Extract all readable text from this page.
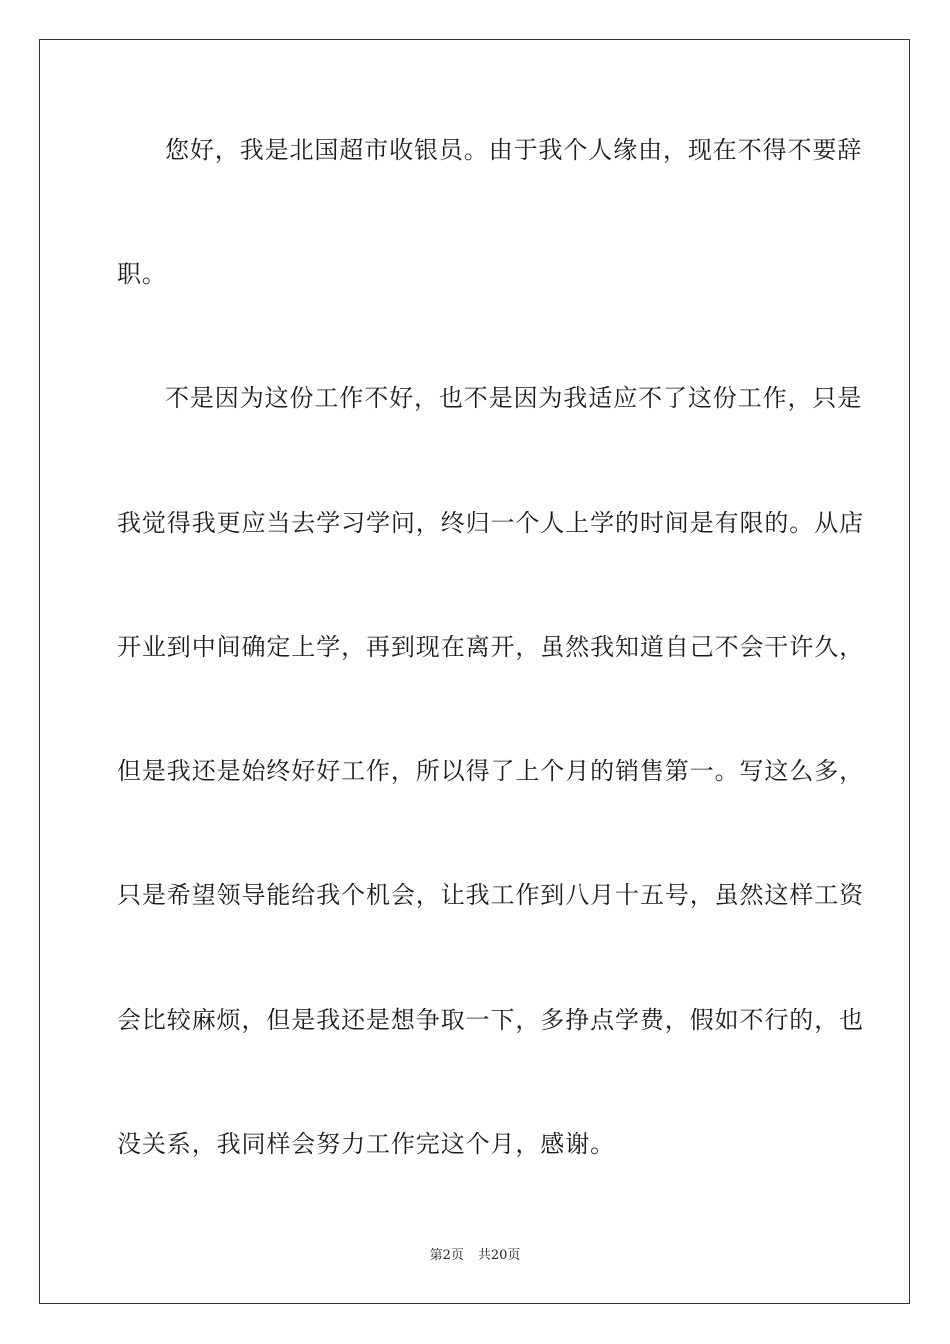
您好，我是北国超市收银员。由于我个人缘由，现在不得不要辞
职。
不是因为这份工作不好，也不是因为我适应不了这份工作，只是
我觉得我更应当去学习学问，终归一个人上学的时间是有限的。从店
开业到中间确定上学，再到现在离开，虽然我知道自己不会干许久，
但是我还是始终好好工作，所以得了上个月的销售第一。写这么多，
只是希望领导能给我个机会，让我工作到八月十五号，虽然这样工资
会比较麻烦，但是我还是想争取一下，多挣点学费，假如不行的，也
没关系，我同样会努力工作完这个月，感谢。
第2页 共20页
